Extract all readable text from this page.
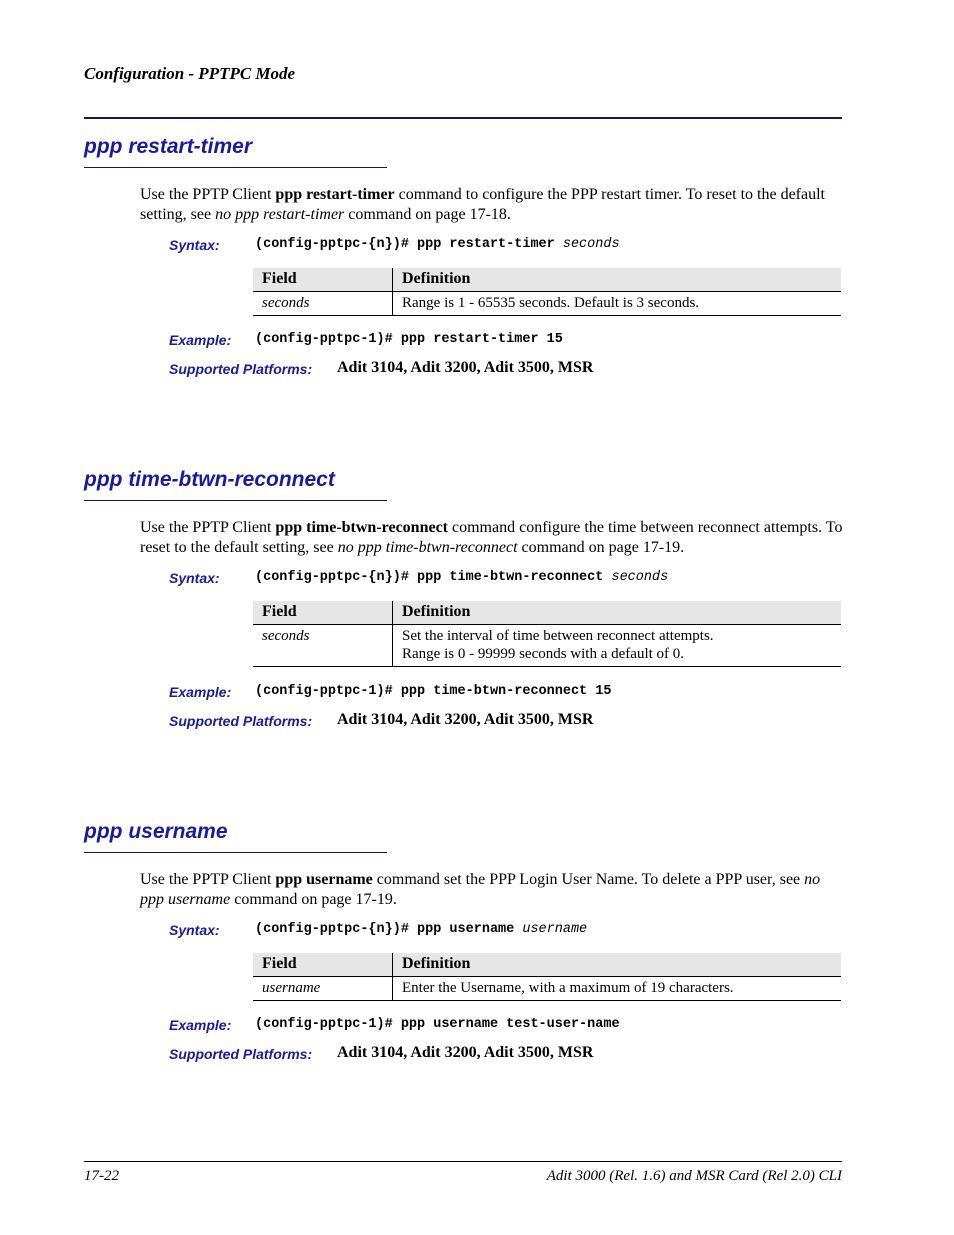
Configuration - PPTPC Mode
ppp restart-timer
Use the PPTP Client ppp restart-timer command to configure the PPP restart timer. To reset to the default setting, see no ppp restart-timer command on page 17-18.
Syntax:	(config-pptpc-{n})# ppp restart-timer seconds
Field	Definition
seconds	Range is 1 - 65535 seconds. Default is 3 seconds.
Example: (config-pptpc-1)# ppp restart-timer 15
Supported Platforms: Adit 3104, Adit 3200, Adit 3500, MSR
ppp time-btwn-reconnect
Use the PPTP Client ppp time-btwn-reconnect command configure the time between reconnect attempts. To reset to the default setting, see no ppp time-btwn-reconnect command on page 17-19.
Syntax:	(config-pptpc-{n})# ppp time-btwn-reconnect seconds
Field	Definition
seconds	Set the interval of time between reconnect attempts.
Range is 0 - 99999 seconds with a default of 0.
Example: (config-pptpc-1)# ppp time-btwn-reconnect 15
Supported Platforms: Adit 3104, Adit 3200, Adit 3500, MSR
ppp username
Use the PPTP Client ppp username command set the PPP Login User Name. To delete a PPP user, see no ppp username command on page 17-19.
Syntax:	(config-pptpc-{n})# ppp username username
Field	Definition
username	Enter the Username, with a maximum of 19 characters.
Example: (config-pptpc-1)# ppp username test-user-name
Supported Platforms: Adit 3104, Adit 3200, Adit 3500, MSR
17-22	Adit 3000 (Rel. 1.6) and MSR Card (Rel 2.0) CLI
